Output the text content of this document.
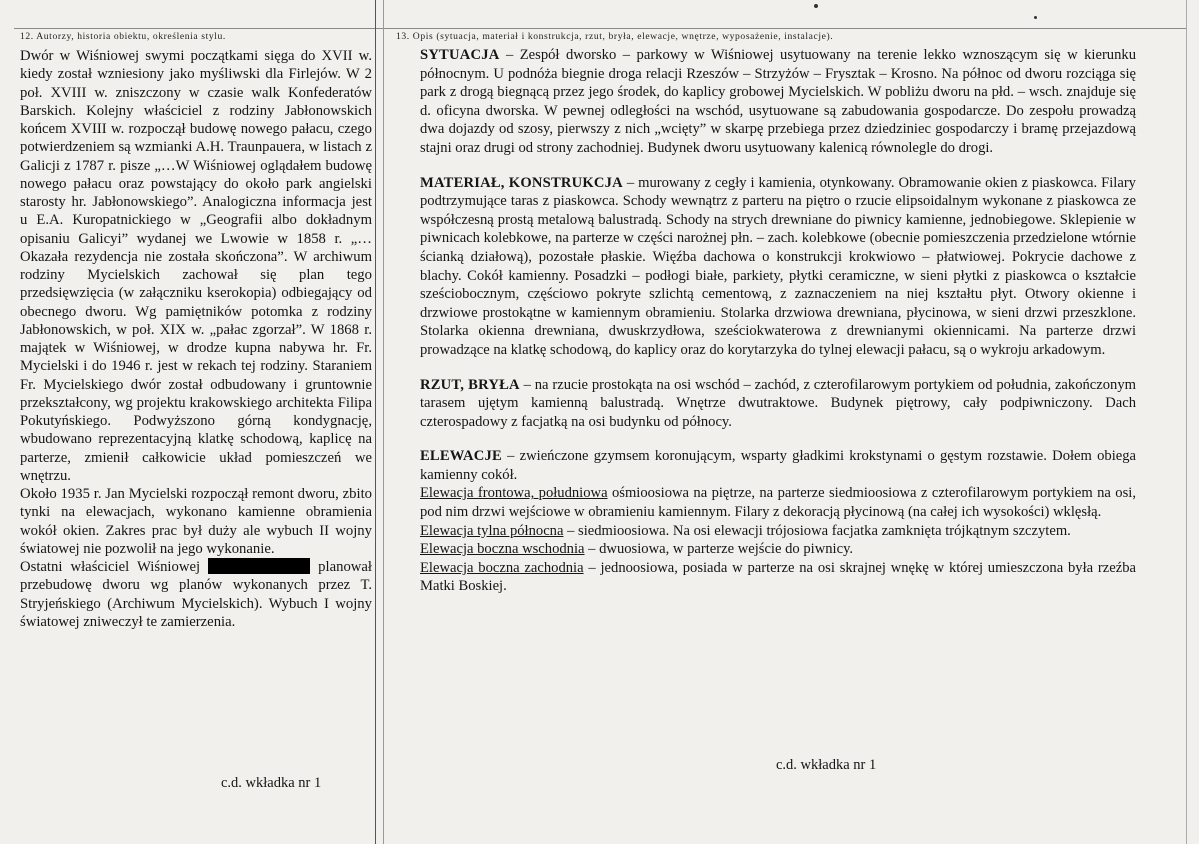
12. Autorzy, historia obiektu, określenia stylu.	13. Opis (sytuacja, materiał i konstrukcja, rzut, bryła, elewacje, wnętrze, wyposażenie, instalacje).

Dwór w Wiśniowej swymi początkami sięga do XVII w. kiedy został wzniesiony jako myśliwski dla Firlejów. W 2 poł. XVIII w. zniszczony w czasie walk Konfederatów Barskich. Kolejny właściciel z rodziny Jabłonowskich końcem XVIII w. rozpoczął budowę nowego pałacu, czego potwierdzeniem są wzmianki A.H. Traunpauera, w listach z Galicji z 1787 r. pisze „…W Wiśniowej oglądałem budowę nowego pałacu oraz powstający do około park angielski starosty hr. Jabłonowskiego”. Analogiczna informacja jest u E.A. Kuropatnickiego w „Geografii albo dokładnym opisaniu Galicyi” wydanej we Lwowie w 1858 r. „…Okazała rezydencja nie została skończona”. W archiwum rodziny Mycielskich zachował się plan tego przedsięwzięcia (w załączniku kserokopia) odbiegający od obecnego dworu. Wg pamiętników potomka z rodziny Jabłonowskich, w poł. XIX w. „pałac zgorzał”. W 1868 r. majątek w Wiśniowej, w drodze kupna nabywa hr. Fr. Mycielski i do 1946 r. jest w rekach tej rodziny. Staraniem Fr. Mycielskiego dwór został odbudowany i gruntownie przekształcony, wg projektu krakowskiego architekta Filipa Pokutyńskiego. Podwyższono górną kondygnację, wbudowano reprezentacyjną klatkę schodową, kaplicę na parterze, zmienił całkowicie układ pomieszczeń we wnętrzu.

Około 1935 r. Jan Mycielski rozpoczął remont dworu, zbito tynki na elewacjach, wykonano kamienne obramienia wokół okien. Zakres prac był duży ale wybuch II wojny światowej nie pozwolił na jego wykonanie.

Ostatni właściciel Wiśniowej	planował przebudowę dworu wg planów wykonanych przez T. Stryjeńskiego (Archiwum Mycielskich). Wybuch I wojny światowej zniweczył te zamierzenia.

c.d. wkładka nr 1

SYTUACJA – Zespół dworsko – parkowy w Wiśniowej usytuowany na terenie lekko wznoszącym się w kierunku północnym. U podnóża biegnie droga relacji Rzeszów – Strzyżów – Frysztak – Krosno. Na północ od dworu rozciąga się park z drogą biegnącą przez jego środek, do kaplicy grobowej Mycielskich. W pobliżu dworu na płd. – wsch. znajduje się d. oficyna dworska. W pewnej odległości na wschód, usytuowane są zabudowania gospodarcze. Do zespołu prowadzą dwa dojazdy od szosy, pierwszy z nich „wcięty” w skarpę przebiega przez dziedziniec gospodarczy i bramę przejazdową stajni oraz drugi od strony zachodniej. Budynek dworu usytuowany kalenicą równolegle do drogi.

MATERIAŁ, KONSTRUKCJA – murowany z cegły i kamienia, otynkowany. Obramowanie okien z piaskowca. Filary podtrzymujące taras z piaskowca. Schody wewnątrz z parteru na piętro o rzucie elipsoidalnym wykonane z piaskowca ze współczesną prostą metalową balustradą. Schody na strych drewniane do piwnicy kamienne, jednobiegowe. Sklepienie w piwnicach kolebkowe, na parterze w części narożnej płn. – zach. kolebkowe (obecnie pomieszczenia przedzielone wtórnie ścianką działową), pozostałe płaskie. Więźba dachowa o konstrukcji krokwiowo – płatwiowej. Pokrycie dachowe z blachy. Cokół kamienny. Posadzki – podłogi białe, parkiety, płytki ceramiczne, w sieni płytki z piaskowca o kształcie sześciobocznym, częściowo pokryte szlichtą cementową, z zaznaczeniem na niej kształtu płyt. Otwory okienne i drzwiowe prostokątne w kamiennym obramieniu. Stolarka drzwiowa drewniana, płycinowa, w sieni drzwi przeszklone. Stolarka okienna drewniana, dwuskrzydłowa, sześciokwaterowa z drewnianymi okiennicami. Na parterze drzwi prowadzące na klatkę schodową, do kaplicy oraz do korytarzyka do tylnej elewacji pałacu, są o wykroju arkadowym.

RZUT, BRYŁA – na rzucie prostokąta na osi wschód – zachód, z czterofilarowym portykiem od południa, zakończonym tarasem ujętym kamienną balustradą. Wnętrze dwutraktowe. Budynek piętrowy, cały podpiwniczony. Dach czterospadowy z facjatką na osi budynku od północy.

ELEWACJE – zwieńczone gzymsem koronującym, wsparty gładkimi krokstynami o gęstym rozstawie. Dołem obiega kamienny cokół.

Elewacja frontowa, południowa ośmioosiowa na piętrze, na parterze siedmioosiowa z czterofilarowym portykiem na osi, pod nim drzwi wejściowe w obramieniu kamiennym. Filary z dekoracją płycinową (na całej ich wysokości) wklęsłą.

Elewacja tylna północna – siedmioosiowa. Na osi elewacji trójosiowa facjatka zamknięta trójkątnym szczytem.

Elewacja boczna wschodnia – dwuosiowa, w parterze wejście do piwnicy.

Elewacja boczna zachodnia – jednoosiowa, posiada w parterze na osi skrajnej wnękę w której umieszczona była rzeźba Matki Boskiej.

c.d. wkładka nr 1
